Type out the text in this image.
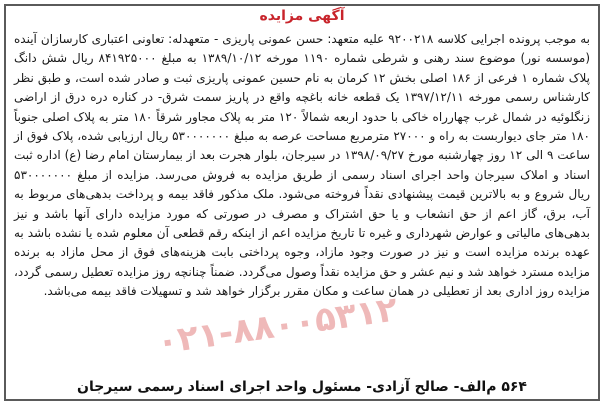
۰۲۱-۸۸۰۰۵۳۱۲
آگهی مزایده
به موجب پرونده اجرایی کلاسه ۹۲۰۰۲۱۸ علیه متعهد: حسن عمونی پاریزی - متعهدله: تعاونی اعتباری کارسازان آینده (موسسه نور) موضوع سند رهنی و شرطی شماره ۱۱۹۰ مورخه ۱۳۸۹/۱۰/۱۲ به مبلغ ۸۴۱۹۲۵۰۰۰ ریال شش دانگ پلاک شماره ۱ فرعی از ۱۸۶ اصلی بخش ۱۲ کرمان به نام حسین عمونی پاریزی ثبت و صادر شده است، و طبق نظر کارشناس رسمی مورخه ۱۳۹۷/۱۲/۱۱ یک قطعه خانه باغچه واقع در پاریز سمت شرق- در کناره دره درق از اراضی زنگلوئیه در شمال غرب چهارراه خاکی با حدود اربعه شمالاً ۱۲۰ متر به پلاک مجاور شرقاً ۱۸۰ متر به پلاک اصلی جنوباً ۱۸۰ متر جای دیواربست به راه و ۲۷۰۰۰ مترمربع مساحت عرصه به مبلغ ۵۳۰۰۰۰۰۰۰ ریال ارزیابی شده، پلاک فوق از ساعت ۹ الی ۱۲ روز چهارشنبه مورخ ۱۳۹۸/۰۹/۲۷ در سیرجان، بلوار هجرت بعد از بیمارستان امام رضا (ع) اداره ثبت اسناد و املاک سیرجان واحد اجرای اسناد رسمی از طریق مزایده به فروش می‌رسد. مزایده از مبلغ ۵۳۰۰۰۰۰۰۰ ریال شروع و به بالاترین قیمت پیشنهادی نقداً فروخته می‌شود. ملک مذکور فاقد بیمه و پرداخت بدهی‌های مربوط به آب، برق، گاز اعم از حق انشعاب و یا حق اشتراک و مصرف در صورتی که مورد مزایده دارای آنها باشد و نیز بدهی‌های مالیاتی و عوارض شهرداری و غیره تا تاریخ مزایده اعم از اینکه رقم قطعی آن معلوم شده یا نشده باشد به عهده برنده مزایده است و نیز در صورت وجود مازاد، وجوه پرداختی بابت هزینه‌های فوق از محل مازاد به برنده مزایده مسترد خواهد شد و نیم عشر و حق مزایده نقداً وصول می‌گردد. ضمناً چنانچه روز مزایده تعطیل رسمی گردد، مزایده روز اداری بعد از تعطیلی در همان ساعت و مکان مقرر برگزار خواهد شد و تسهیلات فاقد بیمه می‌باشد.
۵۶۴ م‌الف- صالح آزادی- مسئول واحد اجرای اسناد رسمی سیرجان
